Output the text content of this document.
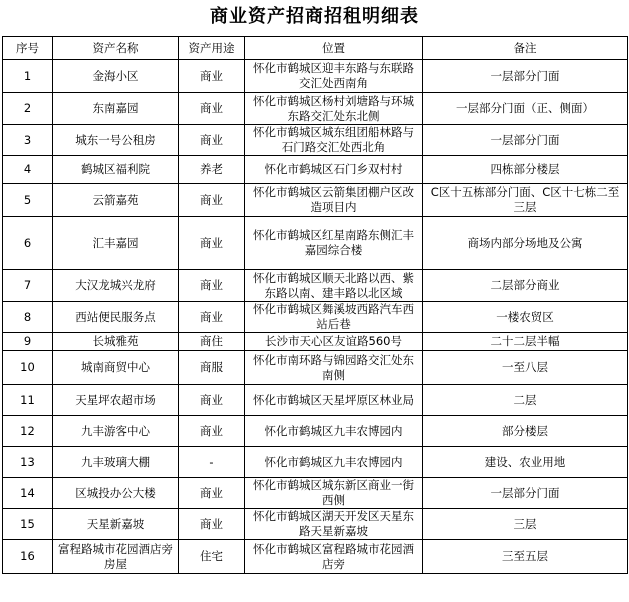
商业资产招商招租明细表
序号	资产名称	资产用途	位置	备注
1	金海小区	商业	怀化市鹤城区迎丰东路与东联路交汇处西南角	一层部分门面
2	东南嘉园	商业	怀化市鹤城区杨村刘塘路与环城东路交汇处东北侧	一层部分门面（正、侧面）
3	城东一号公租房	商业	怀化市鹤城区城东组团船林路与石门路交汇处西北角	一层部分门面
4	鹤城区福利院	养老	怀化市鹤城区石门乡双村村	四栋部分楼层
5	云箭嘉苑	商业	怀化市鹤城区云箭集团棚户区改造项目内	C区十五栋部分门面、C区十七栋二至三层
6	汇丰嘉园	商业	怀化市鹤城区红星南路东侧汇丰嘉园综合楼	商场内部分场地及公寓
7	大汉龙城兴龙府	商业	怀化市鹤城区顺天北路以西、紫东路以南、建丰路以北区域	二层部分商业
8	西站便民服务点	商业	怀化市鹤城区舞溪坡西路汽车西站后巷	一楼农贸区
9	长城雅苑	商住	长沙市天心区友谊路560号	二十二层半幅
10	城南商贸中心	商服	怀化市南环路与锦园路交汇处东南侧	一至八层
11	天星坪农超市场	商业	怀化市鹤城区天星坪原区林业局	二层
12	九丰游客中心	商业	怀化市鹤城区九丰农博园内	部分楼层
13	九丰玻璃大棚	-	怀化市鹤城区九丰农博园内	建设、农业用地
14	区城投办公大楼	商业	怀化市鹤城区城东新区商业一街西侧	一层部分门面
15	天星新嘉坡	商业	怀化市鹤城区湖天开发区天星东路天星新嘉坡	三层
16	富程路城市花园酒店旁房屋	住宅	怀化市鹤城区富程路城市花园酒店旁	三至五层
